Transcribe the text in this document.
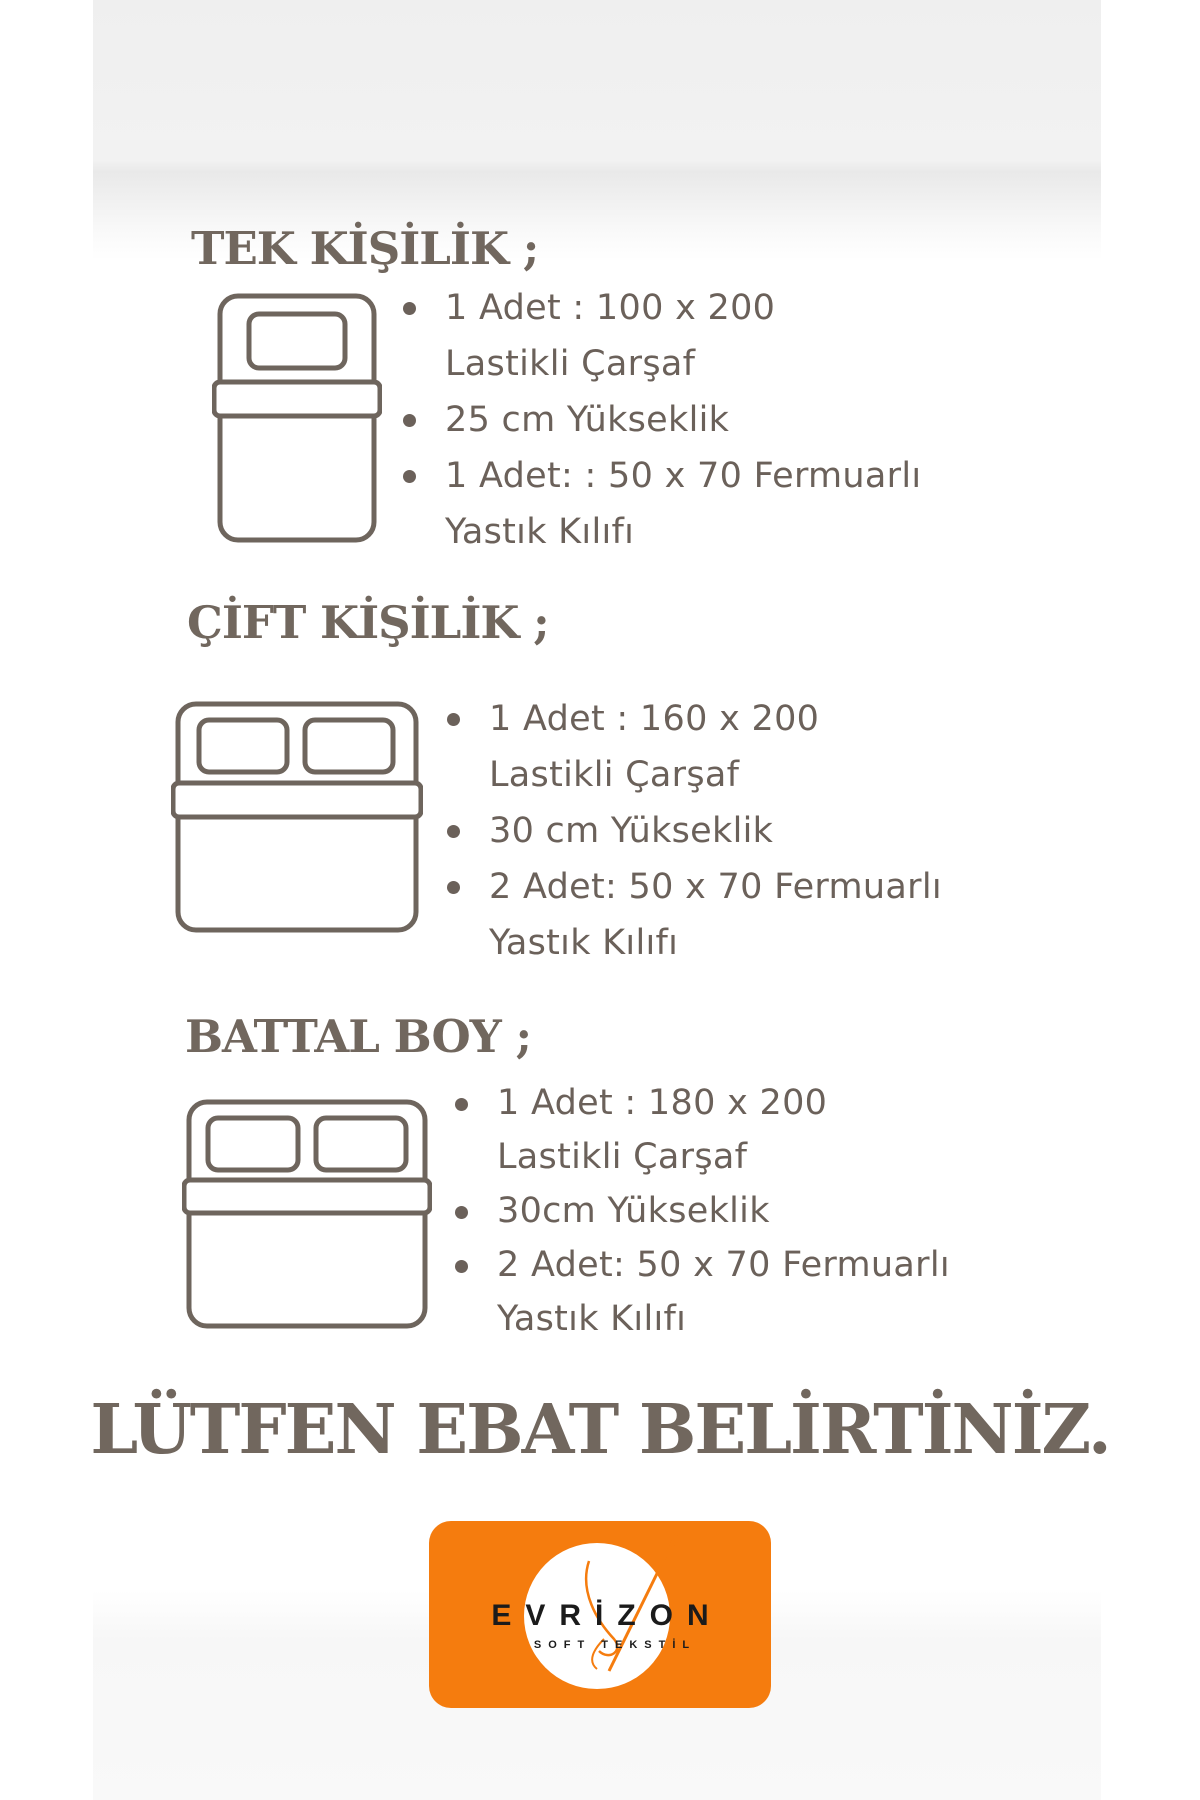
TEK KİŞİLİK ;
1 Adet : 100 x 200
Lastikli Çarşaf
25 cm Yükseklik
1 Adet: : 50 x 70 Fermuarlı
Yastık Kılıfı
ÇİFT KİŞİLİK ;
1 Adet : 160 x 200
Lastikli Çarşaf
30 cm Yükseklik
2 Adet: 50 x 70 Fermuarlı
Yastık Kılıfı
BATTAL BOY ;
1 Adet : 180 x 200
Lastikli Çarşaf
30cm Yükseklik
2 Adet: 50 x 70 Fermuarlı
Yastık Kılıfı
LÜTFEN EBAT BELİRTİNİZ.
EVRİZON
SOFT TEKSTİL
